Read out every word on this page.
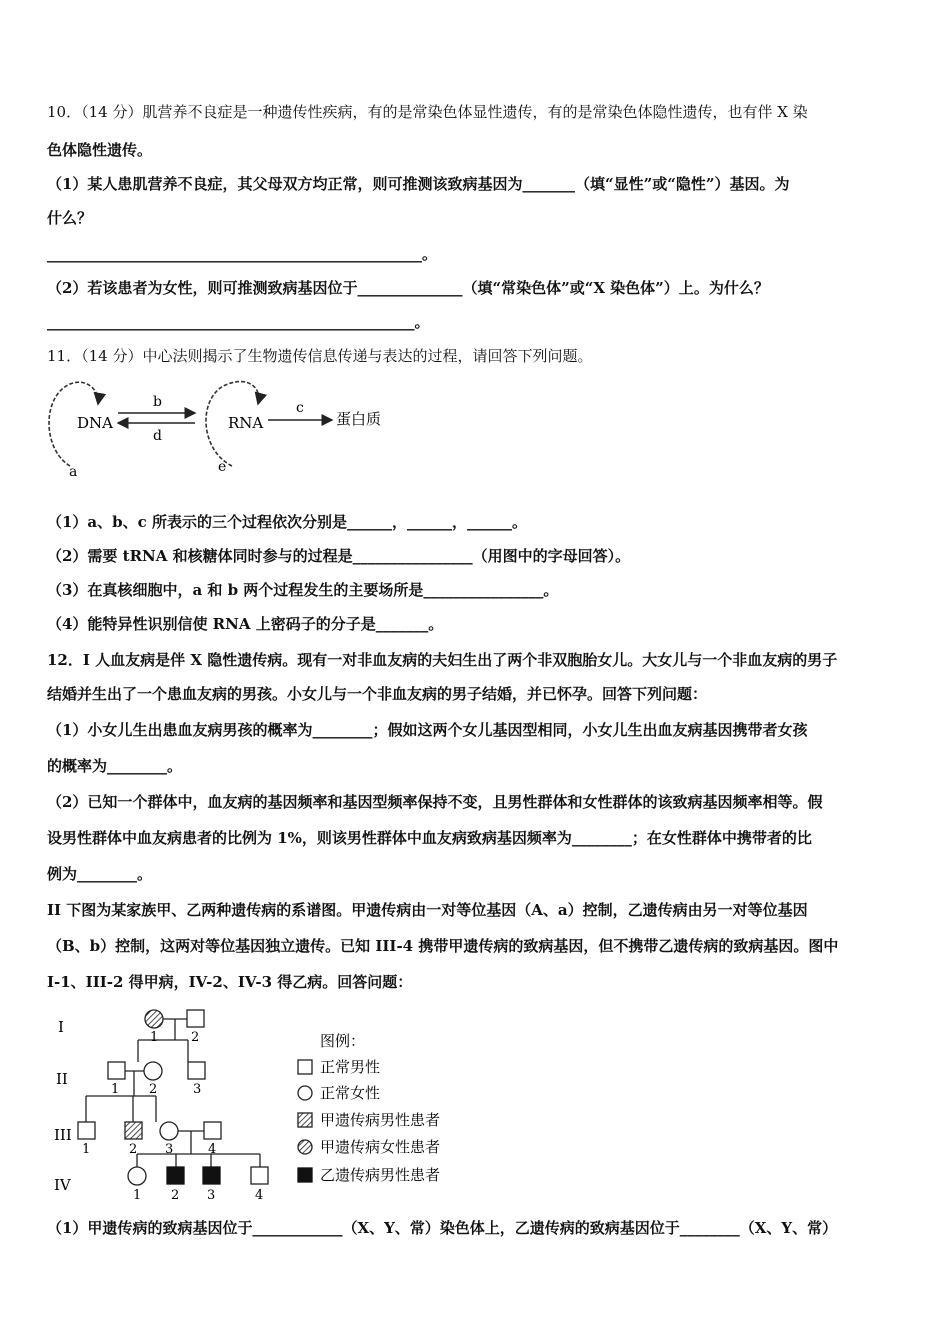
10．（14 分）肌营养不良症是一种遗传性疾病，有的是常染色体显性遗传，有的是常染色体隐性遗传，也有伴 X 染
色体隐性遗传。
（1）某人患肌营养不良症，其父母双方均正常，则可推测该致病基因为_______（填“显性”或“隐性”）基因。为
什么？
__________________________________________________。
（2）若该患者为女性，则可推测致病基因位于______________（填“常染色体”或“X 染色体”）上。为什么？
_________________________________________________。
11．（14 分）中心法则揭示了生物遗传信息传递与表达的过程，请回答下列问题。
DNA
a
b
d
RNA
e
c
蛋白质
（1）a、b、c 所表示的三个过程依次分别是______，______，______。
（2）需要 tRNA 和核糖体同时参与的过程是________________（用图中的字母回答）。
（3）在真核细胞中，a 和 b 两个过程发生的主要场所是________________。
（4）能特异性识别信使 RNA 上密码子的分子是_______。
12．I 人血友病是伴 X 隐性遗传病。现有一对非血友病的夫妇生出了两个非双胞胎女儿。大女儿与一个非血友病的男子
结婚并生出了一个患血友病的男孩。小女儿与一个非血友病的男子结婚，并已怀孕。回答下列问题：
（1）小女儿生出患血友病男孩的概率为________；假如这两个女儿基因型相同，小女儿生出血友病基因携带者女孩
的概率为________。
（2）已知一个群体中，血友病的基因频率和基因型频率保持不变，且男性群体和女性群体的该致病基因频率相等。假
设男性群体中血友病患者的比例为 1%，则该男性群体中血友病致病基因频率为________；在女性群体中携带者的比
例为________。
II 下图为某家族甲、乙两种遗传病的系谱图。甲遗传病由一对等位基因（A、a）控制，乙遗传病由另一对等位基因
（B、b）控制，这两对等位基因独立遗传。已知 III-4 携带甲遗传病的致病基因，但不携带乙遗传病的致病基因。图中
I-1、III-2 得甲病，IV-2、IV-3 得乙病。回答问题：
I
II
III
IV
1	2
1 2	3
1	2 3	4
1 2 3	4
图例：
正常男性
正常女性
甲遗传病男性患者
甲遗传病女性患者
乙遗传病男性患者
（1）甲遗传病的致病基因位于____________（X、Y、常）染色体上，乙遗传病的致病基因位于________（X、Y、常）
